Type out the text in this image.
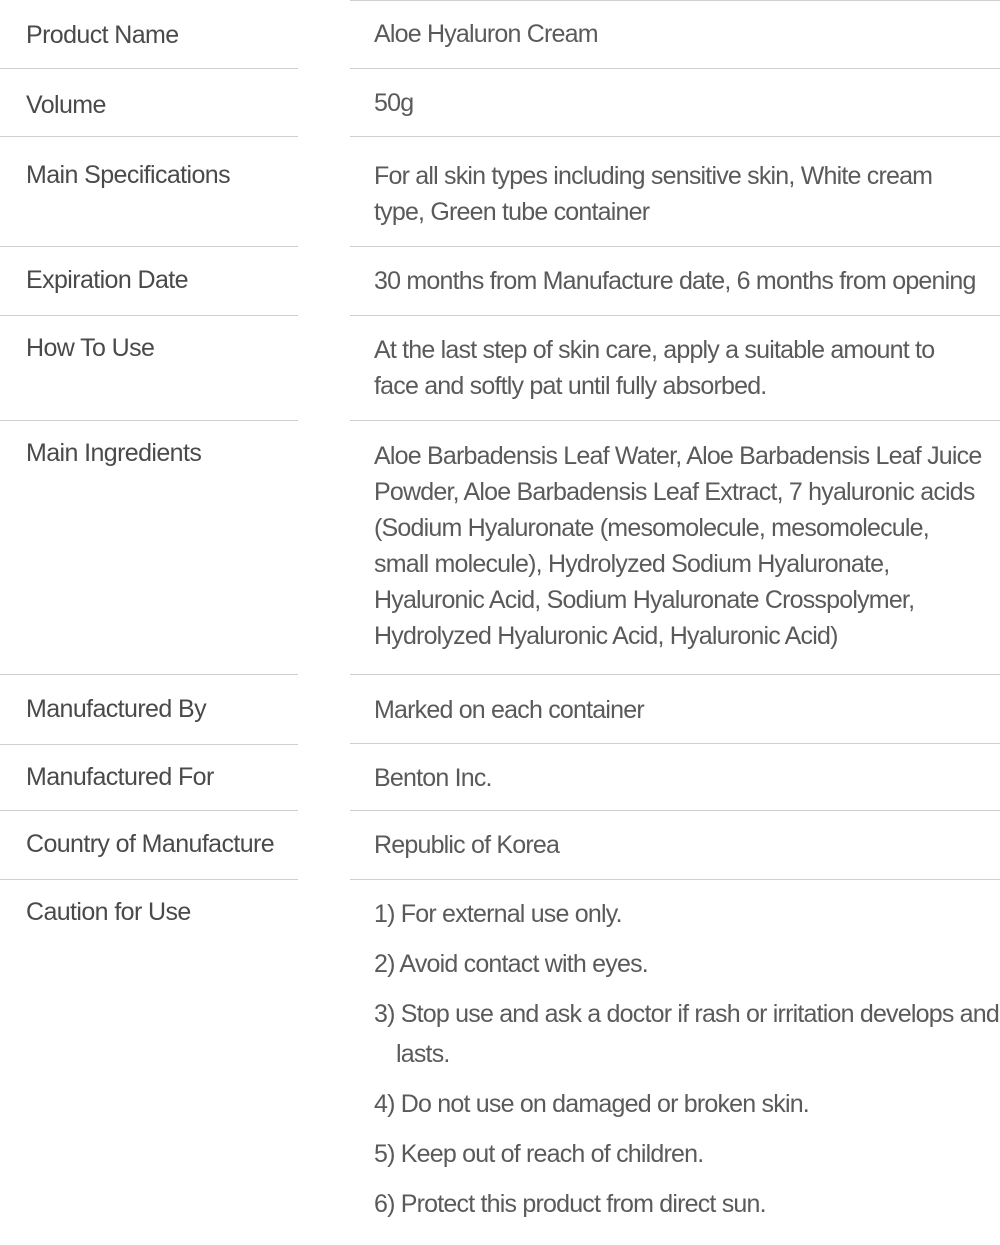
Product Name	Aloe Hyaluron Cream
Volume	50g
Main Specifications	For all skin types including sensitive skin, White cream type, Green tube container
Expiration Date	30 months from Manufacture date, 6 months from opening
How To Use	At the last step of skin care, apply a suitable amount to face and softly pat until fully absorbed.
Main Ingredients	Aloe Barbadensis Leaf Water, Aloe Barbadensis Leaf Juice Powder, Aloe Barbadensis Leaf Extract, 7 hyaluronic acids (Sodium Hyaluronate (mesomolecule, mesomolecule, small molecule), Hydrolyzed Sodium Hyaluronate, Hyaluronic Acid, Sodium Hyaluronate Crosspolymer, Hydrolyzed Hyaluronic Acid, Hyaluronic Acid)
Manufactured By	Marked on each container
Manufactured For	Benton Inc.
Country of Manufacture	Republic of Korea
Caution for Use	1) For external use only.
2) Avoid contact with eyes.
3) Stop use and ask a doctor if rash or irritation develops and lasts.
4) Do not use on damaged or broken skin.
5) Keep out of reach of children.
6) Protect this product from direct sun.
